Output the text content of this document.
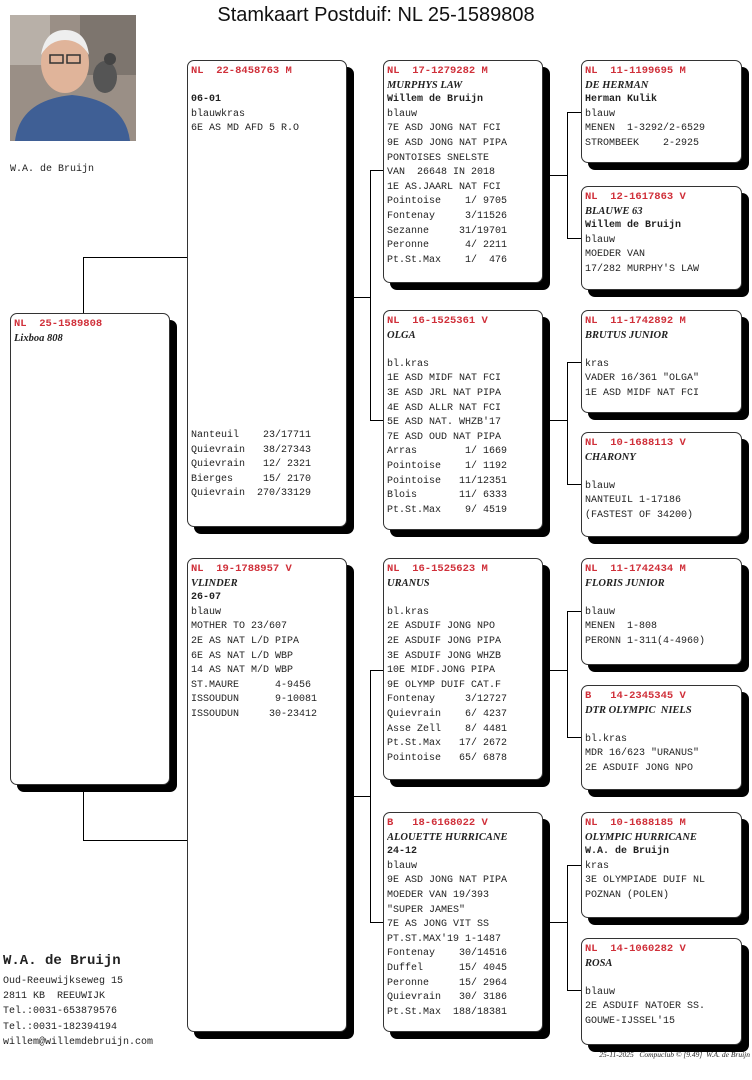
Stamkaart Postduif: NL 25-1589808
W.A. de Bruijn
NL  25-1589808
Lixboa 808
NL  22-8458763 M
06-01
blauwkras
6E AS MD AFD 5 R.O
Nanteuil    23/17711
Quievrain   38/27343
Quievrain   12/ 2321
Bierges     15/ 2170
Quievrain  270/33129
NL  19-1788957 V
VLINDER
26-07
blauw
MOTHER TO 23/607
2E AS NAT L/D PIPA
6E AS NAT L/D WBP
14 AS NAT M/D WBP
ST.MAURE      4-9456
ISSOUDUN      9-10081
ISSOUDUN     30-23412
NL  17-1279282 M
MURPHYS LAW
Willem de Bruijn
blauw
7E ASD JONG NAT FCI
9E ASD JONG NAT PIPA
PONTOISES SNELSTE
VAN  26648 IN 2018
1E AS.JAARL NAT FCI
Pointoise    1/ 9705
Fontenay     3/11526
Sezanne     31/19701
Peronne      4/ 2211
Pt.St.Max    1/  476
NL  16-1525361 V
OLGA
bl.kras
1E ASD MIDF NAT FCI
3E ASD JRL NAT PIPA
4E ASD ALLR NAT FCI
5E ASD NAT. WHZB'17
7E ASD OUD NAT PIPA
Arras        1/ 1669
Pointoise    1/ 1192
Pointoise   11/12351
Blois       11/ 6333
Pt.St.Max    9/ 4519
NL  16-1525623 M
URANUS
bl.kras
2E ASDUIF JONG NPO
2E ASDUIF JONG PIPA
3E ASDUIF JONG WHZB
10E MIDF.JONG PIPA
9E OLYMP DUIF CAT.F
Fontenay     3/12727
Quievrain    6/ 4237
Asse Zell    8/ 4481
Pt.St.Max   17/ 2672
Pointoise   65/ 6878
B   18-6168022 V
ALOUETTE HURRICANE
24-12
blauw
9E ASD JONG NAT PIPA
MOEDER VAN 19/393
"SUPER JAMES"
7E AS JONG VIT SS
PT.ST.MAX'19 1-1487
Fontenay    30/14516
Duffel      15/ 4045
Peronne     15/ 2964
Quievrain   30/ 3186
Pt.St.Max  188/18381
NL  11-1199695 M
DE HERMAN
Herman Kulik
blauw
MENEN  1-3292/2-6529
STROMBEEK    2-2925
NL  12-1617863 V
BLAUWE 63
Willem de Bruijn
blauw
MOEDER VAN
17/282 MURPHY'S LAW
NL  11-1742892 M
BRUTUS JUNIOR
kras
VADER 16/361 "OLGA"
1E ASD MIDF NAT FCI
NL  10-1688113 V
CHARONY
blauw
NANTEUIL 1-17186
(FASTEST OF 34200)
NL  11-1742434 M
FLORIS JUNIOR
blauw
MENEN  1-808
PERONN 1-311(4-4960)
B   14-2345345 V
DTR OLYMPIC  NIELS
bl.kras
MDR 16/623 "URANUS"
2E ASDUIF JONG NPO
NL  10-1688185 M
OLYMPIC HURRICANE
W.A. de Bruijn
kras
3E OLYMPIADE DUIF NL
POZNAN (POLEN)
NL  14-1060282 V
ROSA
blauw
2E ASDUIF NATOER SS.
GOUWE-IJSSEL'15
W.A. de Bruijn
Oud-Reeuwijkseweg 15
2811 KB  REEUWIJK
Tel.:0031-653879576
Tel.:0031-182394194
willem@willemdebruijn.com
25-11-2025   Compuclub © [9.49]  W.A. de Bruijn
